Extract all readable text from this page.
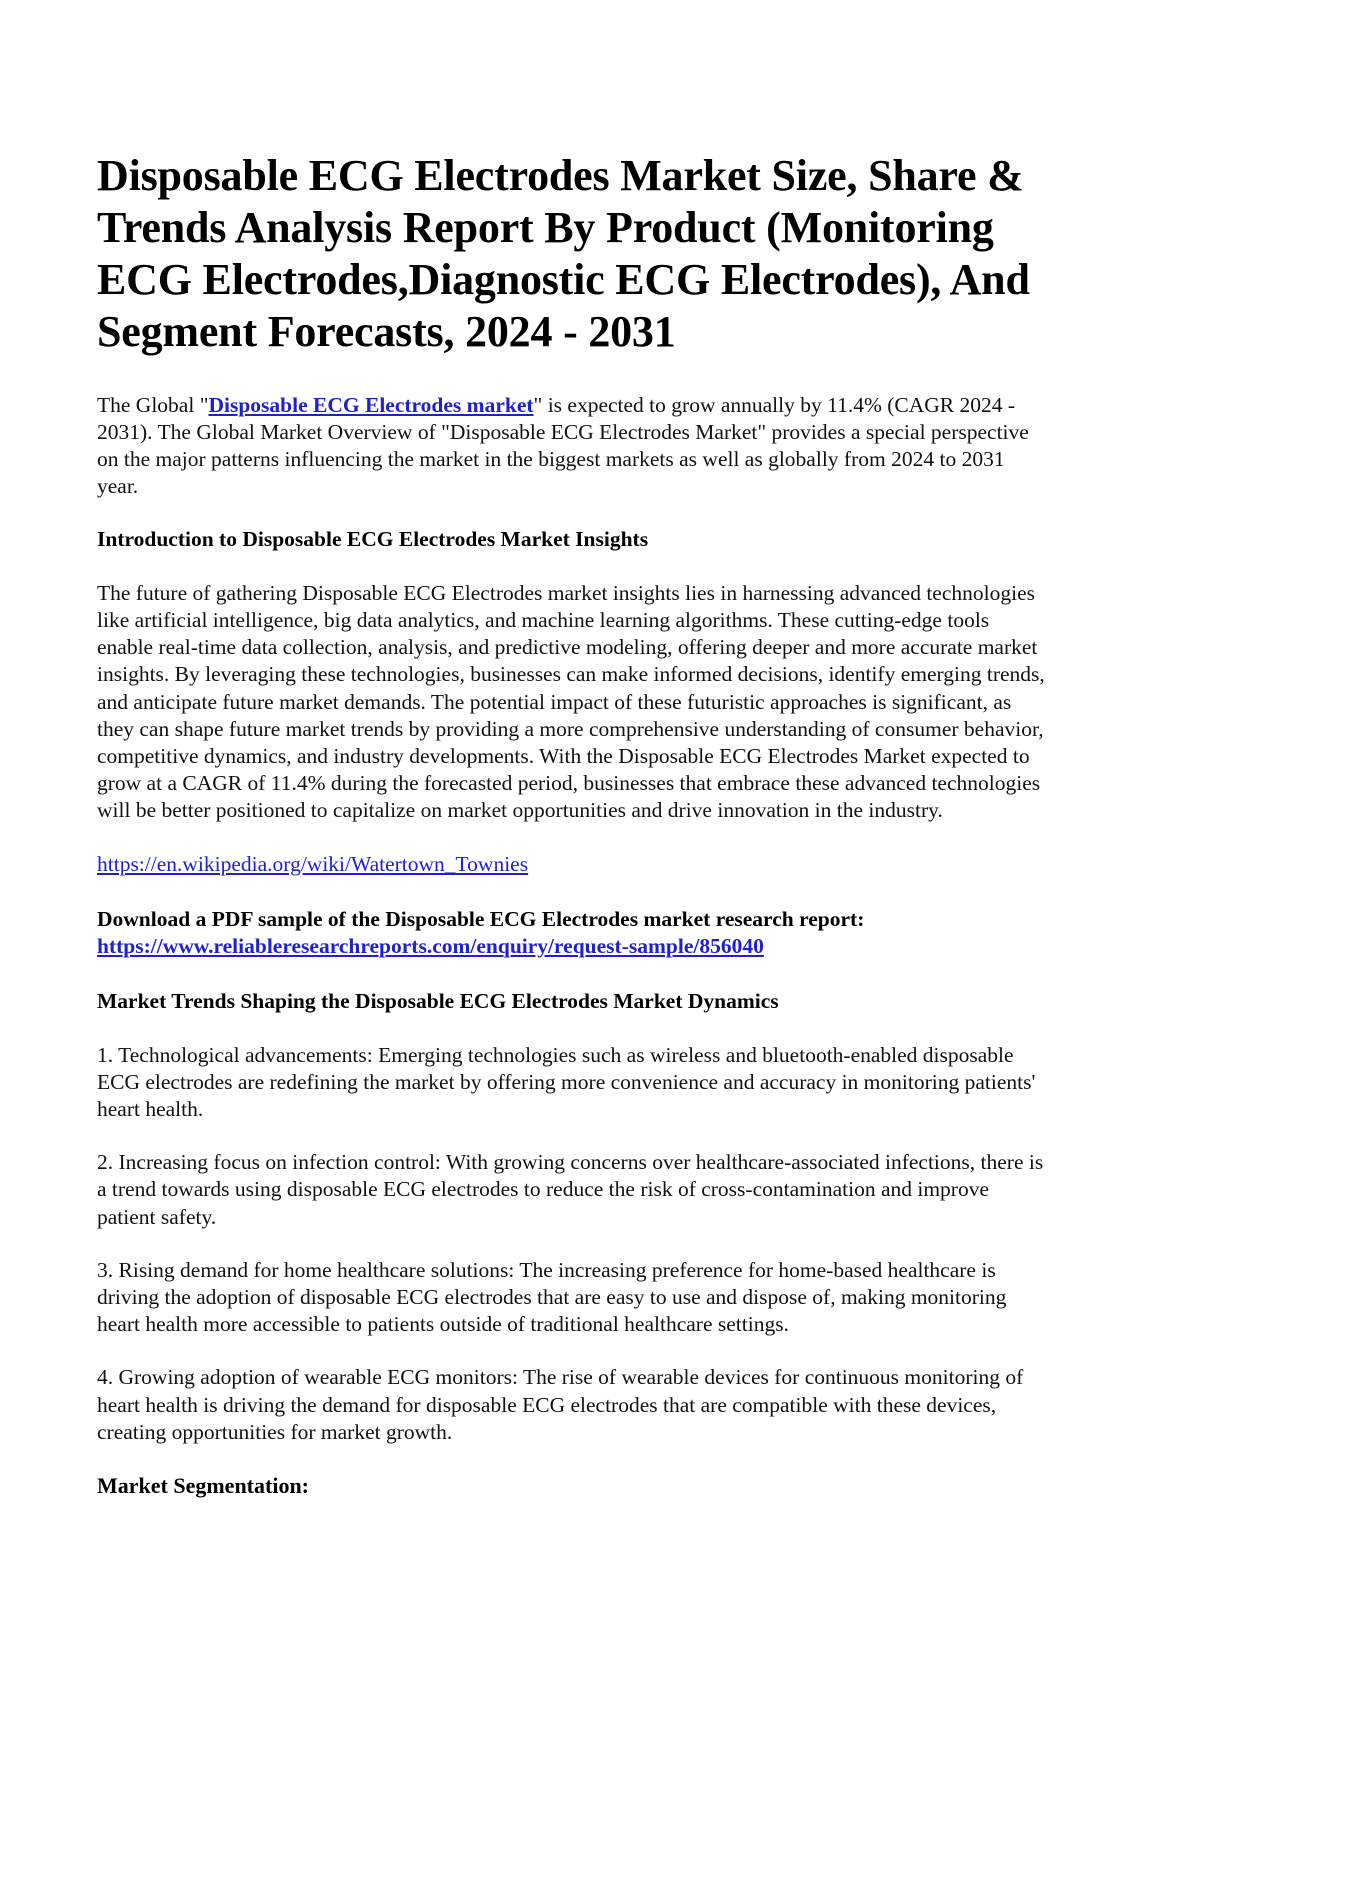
Disposable ECG Electrodes Market Size, Share & Trends Analysis Report By Product (Monitoring ECG Electrodes,Diagnostic ECG Electrodes), And Segment Forecasts, 2024 - 2031

The Global "Disposable ECG Electrodes market" is expected to grow annually by 11.4% (CAGR 2024 - 2031). The Global Market Overview of "Disposable ECG Electrodes Market" provides a special perspective on the major patterns influencing the market in the biggest markets as well as globally from 2024 to 2031 year.

Introduction to Disposable ECG Electrodes Market Insights

The future of gathering Disposable ECG Electrodes market insights lies in harnessing advanced technologies like artificial intelligence, big data analytics, and machine learning algorithms. These cutting-edge tools enable real-time data collection, analysis, and predictive modeling, offering deeper and more accurate market insights. By leveraging these technologies, businesses can make informed decisions, identify emerging trends, and anticipate future market demands. The potential impact of these futuristic approaches is significant, as they can shape future market trends by providing a more comprehensive understanding of consumer behavior, competitive dynamics, and industry developments. With the Disposable ECG Electrodes Market expected to grow at a CAGR of 11.4% during the forecasted period, businesses that embrace these advanced technologies will be better positioned to capitalize on market opportunities and drive innovation in the industry.

https://en.wikipedia.org/wiki/Watertown_Townies

Download a PDF sample of the Disposable ECG Electrodes market research report:
https://www.reliableresearchreports.com/enquiry/request-sample/856040
Market Trends Shaping the Disposable ECG Electrodes Market Dynamics

1. Technological advancements: Emerging technologies such as wireless and bluetooth-enabled disposable ECG electrodes are redefining the market by offering more convenience and accuracy in monitoring patients' heart health.

2. Increasing focus on infection control: With growing concerns over healthcare-associated infections, there is a trend towards using disposable ECG electrodes to reduce the risk of cross-contamination and improve patient safety.

3. Rising demand for home healthcare solutions: The increasing preference for home-based healthcare is driving the adoption of disposable ECG electrodes that are easy to use and dispose of, making monitoring heart health more accessible to patients outside of traditional healthcare settings.

4. Growing adoption of wearable ECG monitors: The rise of wearable devices for continuous monitoring of heart health is driving the demand for disposable ECG electrodes that are compatible with these devices, creating opportunities for market growth.

Market Segmentation:
